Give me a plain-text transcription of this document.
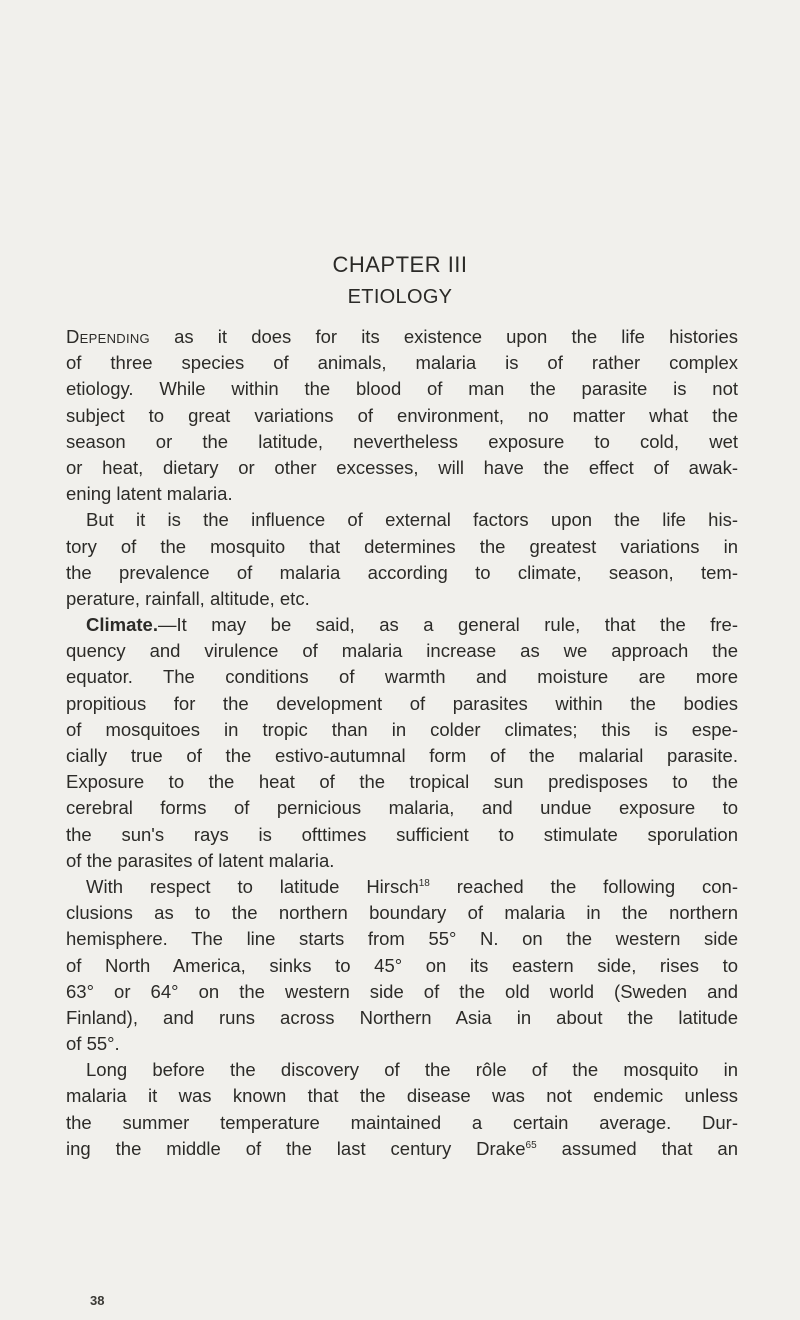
CHAPTER III
ETIOLOGY
Depending as it does for its existence upon the life histories
of three species of animals, malaria is of rather complex
etiology. While within the blood of man the parasite is not
subject to great variations of environment, no matter what the
season or the latitude, nevertheless exposure to cold, wet
or heat, dietary or other excesses, will have the effect of awak-
ening latent malaria.
But it is the influence of external factors upon the life his-
tory of the mosquito that determines the greatest variations in
the prevalence of malaria according to climate, season, tem-
perature, rainfall, altitude, etc.
Climate.—It may be said, as a general rule, that the fre-
quency and virulence of malaria increase as we approach the
equator. The conditions of warmth and moisture are more
propitious for the development of parasites within the bodies
of mosquitoes in tropic than in colder climates; this is espe-
cially true of the estivo-autumnal form of the malarial parasite.
Exposure to the heat of the tropical sun predisposes to the
cerebral forms of pernicious malaria, and undue exposure to
the sun's rays is ofttimes sufficient to stimulate sporulation
of the parasites of latent malaria.
With respect to latitude Hirsch$^{18}$ reached the following con-
clusions as to the northern boundary of malaria in the northern
hemisphere. The line starts from 55° N. on the western side
of North America, sinks to 45° on its eastern side, rises to
63° or 64° on the western side of the old world (Sweden and
Finland), and runs across Northern Asia in about the latitude
of 55°.
Long before the discovery of the rôle of the mosquito in
malaria it was known that the disease was not endemic unless
the summer temperature maintained a certain average. Dur-
ing the middle of the last century Drake$^{65}$ assumed that an
38
